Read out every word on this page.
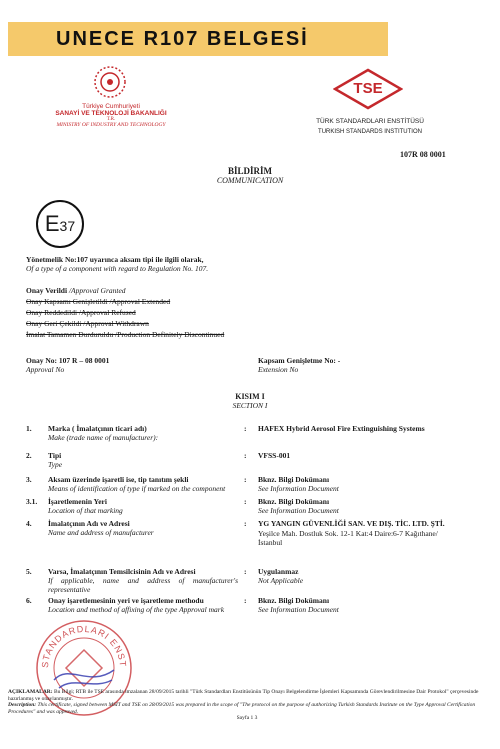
UNECE R107 BELGESİ
Türkiye Cumhuriyeti
SANAYİ VE TEKNOLOJİ BAKANLIĞI
T.R.
MINISTRY OF INDUSTRY AND TECHNOLOGY
TSE
TÜRK STANDARDLARI ENSTİTÜSÜ
TURKISH STANDARDS INSTITUTION
107R 08 0001
BİLDİRİM
COMMUNICATION
E37
Yönetmelik No:107 uyarınca aksam tipi ile ilgili olarak,
Of a type of a component with regard to Regulation No. 107.
Onay Verildi /Approval Granted
Onay Kapsamı Genişletildi /Approval Extended
Onay Reddedildi /Approval Refused
Onay Geri Çekildi /Approval Withdrawn
İmalat Tamamen Durduruldu /Production Definitely Discontinued
Onay No: 107 R – 08 0001
Approval No
Kapsam Genişletme No: -
Extension No
KISIM I
SECTION I
1. Marka ( İmalatçının ticari adı)
Make (trade name of manufacturer):
: HAFEX Hybrid Aerosol Fire Extinguishing Systems
2. Tipi
Type
: VFSS-001
3. Aksam üzerinde işaretli ise, tip tanıtım şekli
Means of identification of type if marked on the component
: Bknz. Bilgi Dokümanı
See Information Document
3.1. İşaretlemenin Yeri
Location of that marking
: Bknz. Bilgi Dokümanı
See Information Document
4. İmalatçının Adı ve Adresi
Name and address of manufacturer
: YG YANGIN GÜVENLİĞİ SAN. VE DIŞ. TİC. LTD. ŞTİ.
Yeşilce Mah. Dostluk Sok. 12-1 Kat:4 Daire:6-7 Kağıthane/İstanbul
5. Varsa, İmalatçının Temsilcisinin Adı ve Adresi
If applicable, name and address of manufacturer's representative
: Uygulanmaz
Not Applicable
6. Onay işaretlemesinin yeri ve işaretleme methodu
Location and method of affixing of the type Approval mark
: Bknz. Bilgi Dokümanı
See Information Document
STANDARDLARI ENST
AÇIKLAMALAR: Bu Bilgi; RTB ile TSE arasında imzalanan 28/09/2015 tarihli "Türk Standardları Enstitüsünün Tip Onayı Belgelendirme İşlemleri Kapsamında Görevlendirilmesine Dair Protokol" çerçevesinde hazırlanmış ve onaylanmıştır.
Description: This certificate, signed between MSIT and TSE on 28/09/2015 was prepared in the scope of "The protocol on the purpose of authorizing Turkish Standards Institute on the Type Approval Certification Procedures" and was approved.
Sayfa 1 3
